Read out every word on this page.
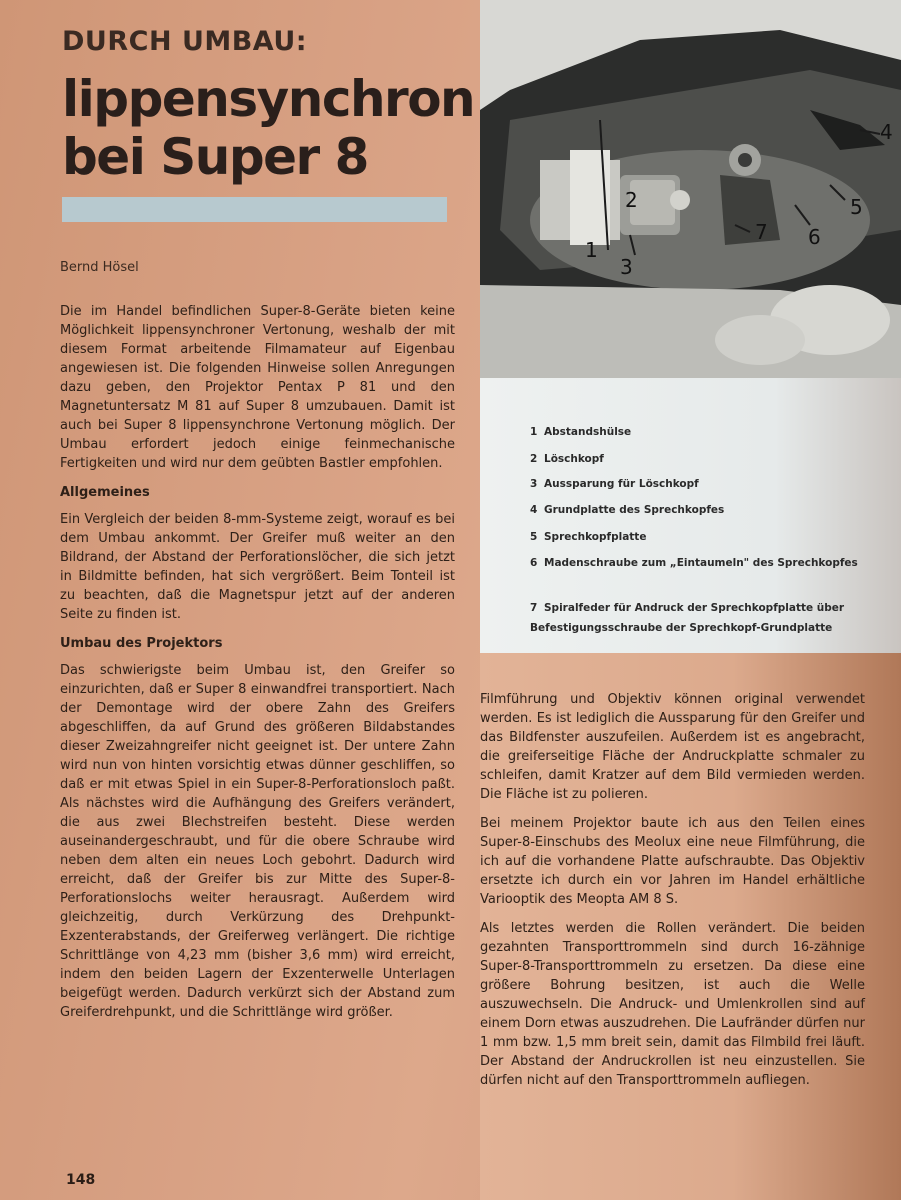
DURCH UMBAU:
lippensynchron
bei Super 8
Bernd Hösel

Die im Handel befindlichen Super-8-Geräte bieten keine Möglichkeit lippensynchroner Vertonung, weshalb der mit diesem Format arbeitende Filmamateur auf Eigenbau angewiesen ist. Die folgenden Hinweise sollen Anregungen dazu geben, den Projektor Pentax P 81 und den Magnetuntersatz M 81 auf Super 8 umzubauen. Damit ist auch bei Super 8 lippensynchrone Vertonung möglich. Der Umbau erfordert jedoch einige feinmechanische Fertigkeiten und wird nur dem geübten Bastler empfohlen.

Allgemeines

Ein Vergleich der beiden 8-mm-Systeme zeigt, worauf es bei dem Umbau ankommt. Der Greifer muß weiter an den Bildrand, der Abstand der Perforationslöcher, die sich jetzt in Bildmitte befinden, hat sich vergrößert. Beim Tonteil ist zu beachten, daß die Magnetspur jetzt auf der anderen Seite zu finden ist.

Umbau des Projektors

Das schwierigste beim Umbau ist, den Greifer so einzurichten, daß er Super 8 einwandfrei transportiert. Nach der Demontage wird der obere Zahn des Greifers abgeschliffen, da auf Grund des größeren Bildabstandes dieser Zweizahngreifer nicht geeignet ist. Der untere Zahn wird nun von hinten vorsichtig etwas dünner geschliffen, so daß er mit etwas Spiel in ein Super-8-Perforationsloch paßt. Als nächstes wird die Aufhängung des Greifers verändert, die aus zwei Blechstreifen besteht. Diese werden auseinandergeschraubt, und für die obere Schraube wird neben dem alten ein neues Loch gebohrt. Dadurch wird erreicht, daß der Greifer bis zur Mitte des Super-8-Perforationslochs weiter herausragt. Außerdem wird gleichzeitig, durch Verkürzung des Drehpunkt-Exzenterabstands, der Greiferweg verlängert. Die richtige Schrittlänge von 4,23 mm (bisher 3,6 mm) wird erreicht, indem den beiden Lagern der Exzenterwelle Unterlagen beigefügt werden. Dadurch verkürzt sich der Abstand zum Greiferdrehpunkt, und die Schrittlänge wird größer.

1
2
3
4
5
6
7
1 Abstandshülse
2 Löschkopf
3 Aussparung für Löschkopf
4 Grundplatte des Sprechkopfes
5 Sprechkopfplatte
6 Madenschraube zum „Eintaumeln" des Sprechkopfes
7 Spiralfeder für Andruck der Sprechkopfplatte über Befestigungsschraube der Sprechkopf-Grundplatte

Filmführung und Objektiv können original verwendet werden. Es ist lediglich die Aussparung für den Greifer und das Bildfenster auszufeilen. Außerdem ist es angebracht, die greiferseitige Fläche der Andruckplatte schmaler zu schleifen, damit Kratzer auf dem Bild vermieden werden. Die Fläche ist zu polieren.

Bei meinem Projektor baute ich aus den Teilen eines Super-8-Einschubs des Meolux eine neue Filmführung, die ich auf die vorhandene Platte aufschraubte. Das Objektiv ersetzte ich durch ein vor Jahren im Handel erhältliche Variooptik des Meopta AM 8 S.

Als letztes werden die Rollen verändert. Die beiden gezahnten Transporttrommeln sind durch 16-zähnige Super-8-Transporttrommeln zu ersetzen. Da diese eine größere Bohrung besitzen, ist auch die Welle auszuwechseln. Die Andruck- und Umlenkrollen sind auf einem Dorn etwas auszudrehen. Die Laufränder dürfen nur 1 mm bzw. 1,5 mm breit sein, damit das Filmbild frei läuft. Der Abstand der Andruckrollen ist neu einzustellen. Sie dürfen nicht auf den Transporttrommeln aufliegen.

148
